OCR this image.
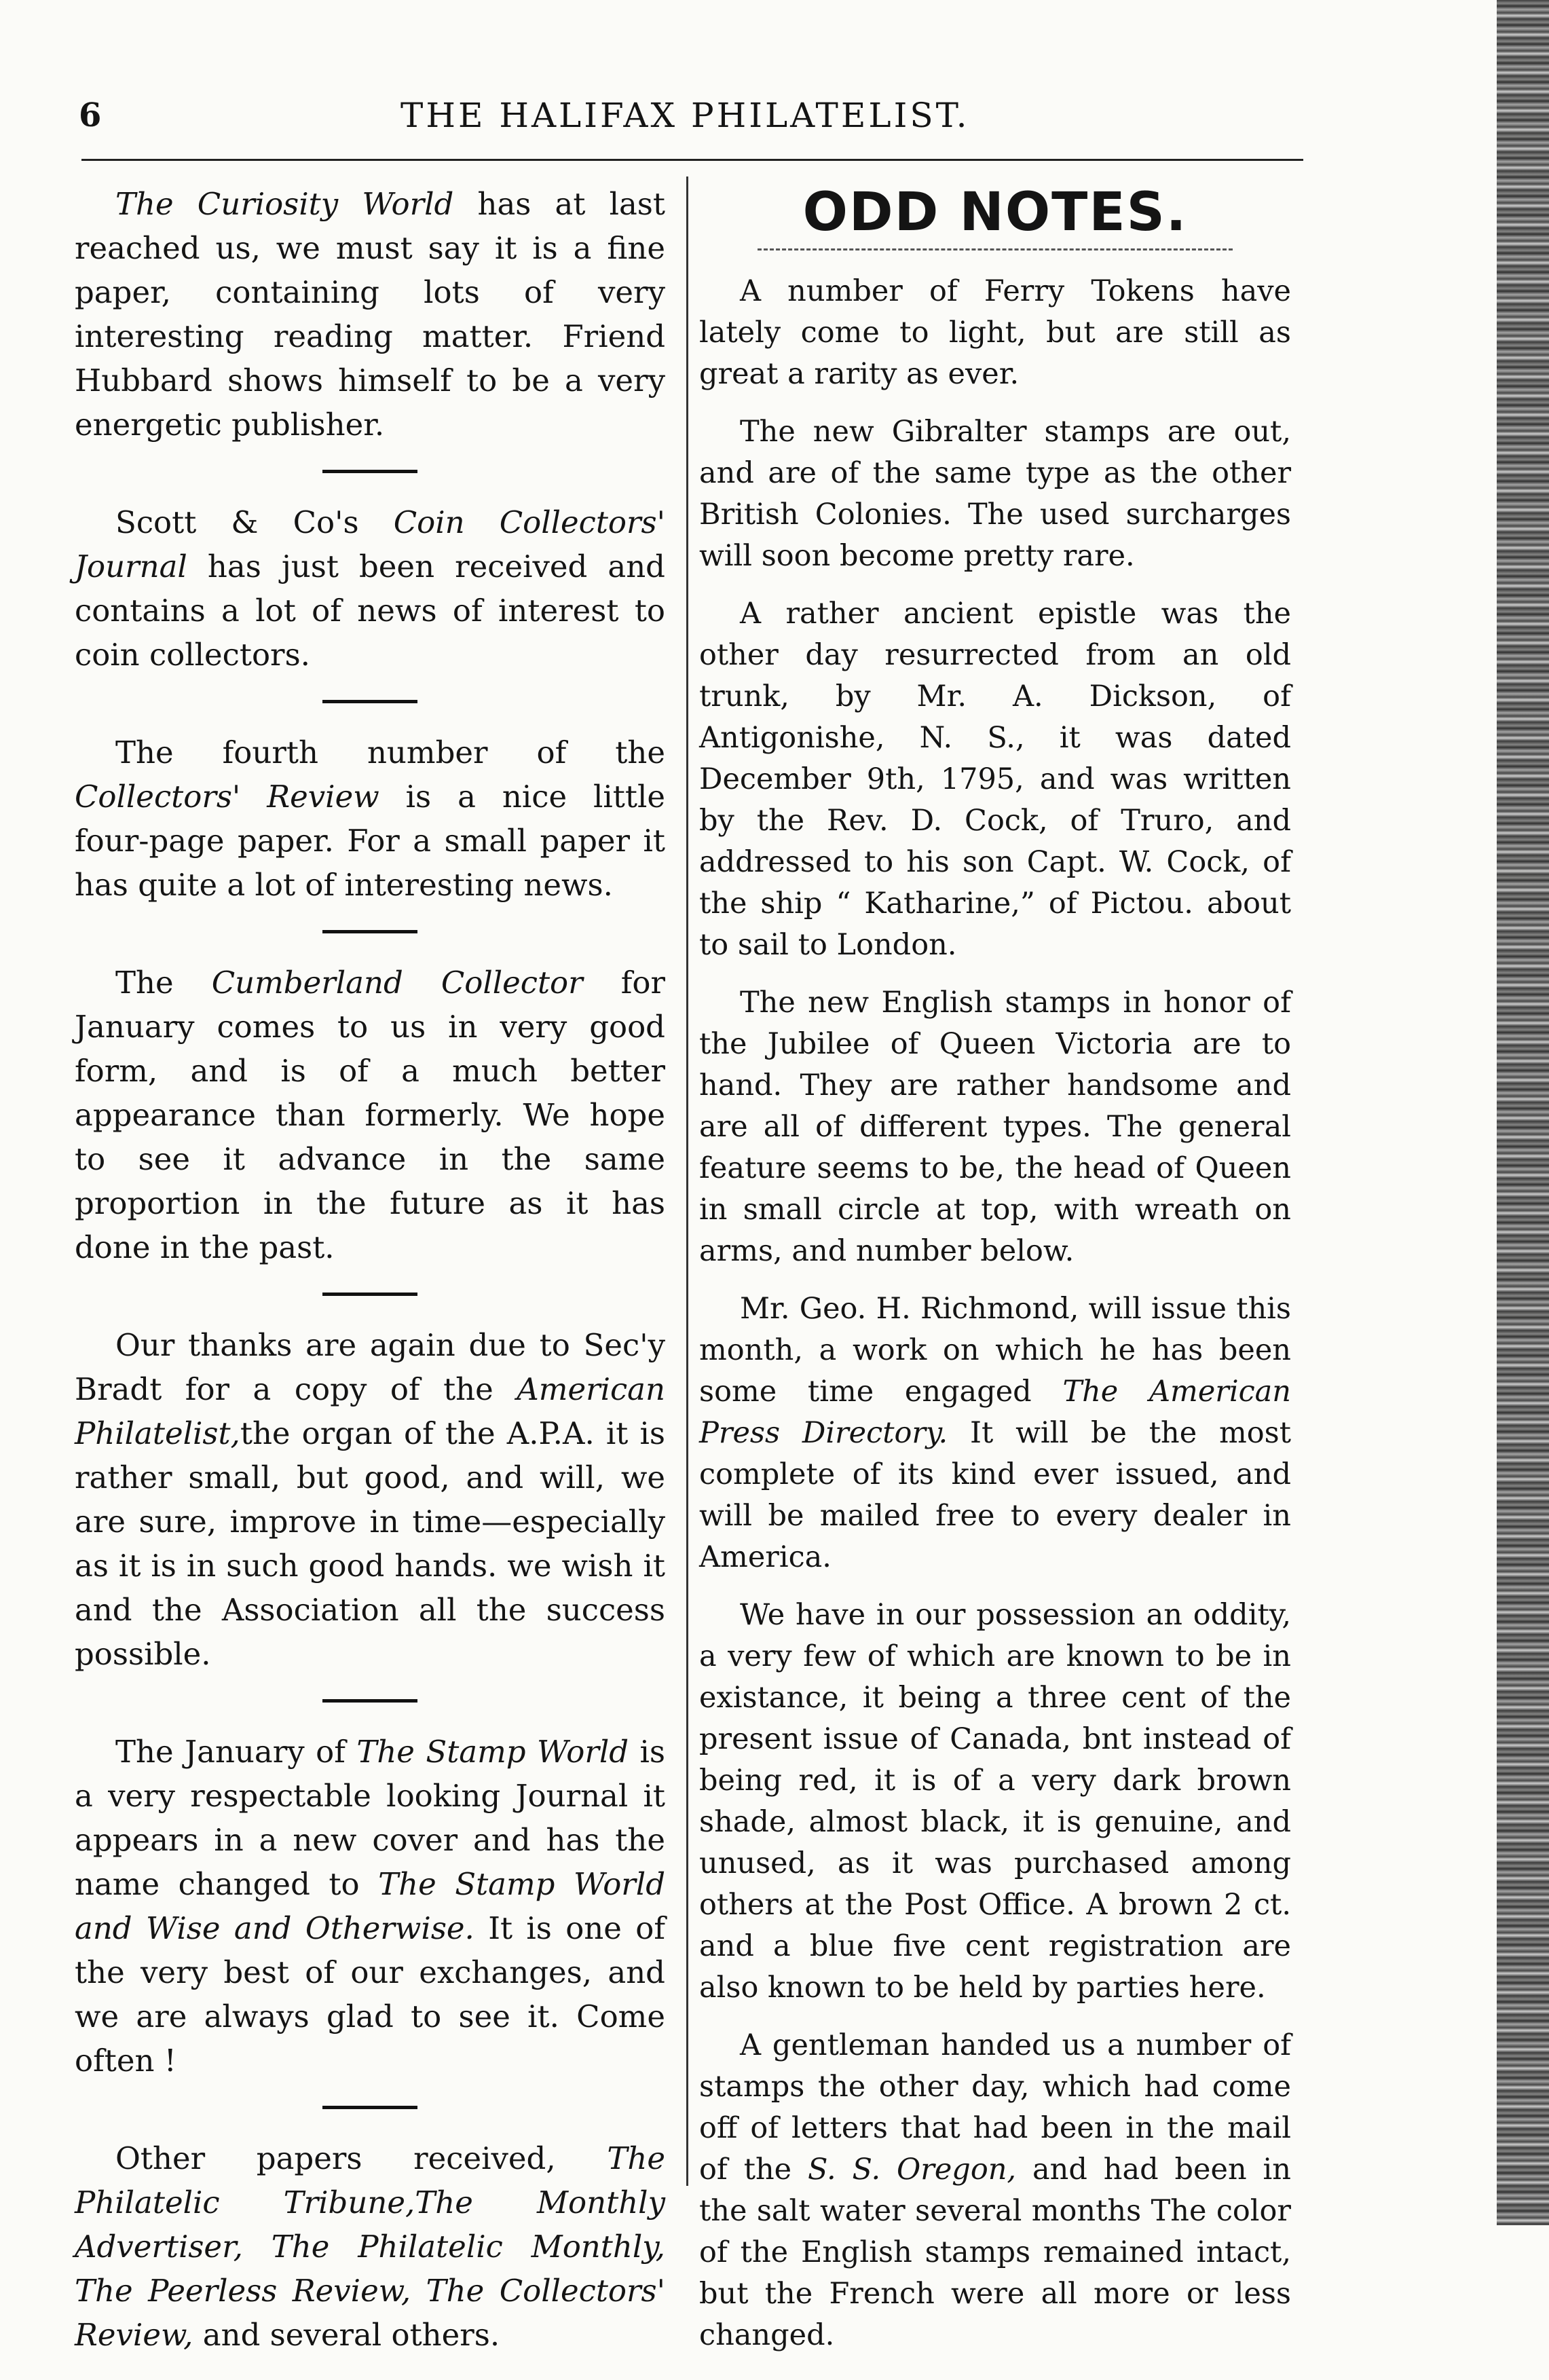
6	THE HALIFAX PHILATELIST.

The Curiosity World has at last reached us, we must say it is a fine paper, containing lots of very interesting reading matter. Friend Hubbard shows himself to be a very energetic publisher.

Scott & Co's Coin Collectors' Journal has just been received and contains a lot of news of interest to coin collectors.

The fourth number of the Collectors' Review is a nice little four-page paper. For a small paper it has quite a lot of interesting news.

The Cumberland Collector for January comes to us in very good form, and is of a much better appearance than formerly. We hope to see it advance in the same proportion in the future as it has done in the past.

Our thanks are again due to Sec'y Bradt for a copy of the American Philatelist,the organ of the A.P.A. it is rather small, but good, and will, we are sure, improve in time—especially as it is in such good hands. we wish it and the Association all the success possible.

The January of The Stamp World is a very respectable looking Journal it appears in a new cover and has the name changed to The Stamp World and Wise and Otherwise. It is one of the very best of our exchanges, and we are always glad to see it. Come often !

Other papers received, The Philatelic Tribune,The Monthly Advertiser, The Philatelic Monthly, The Peerless Review, The Collectors' Review, and several others.

ODD NOTES.

A number of Ferry Tokens have lately come to light, but are still as great a rarity as ever.

The new Gibralter stamps are out, and are of the same type as the other British Colonies. The used surcharges will soon become pretty rare.

A rather ancient epistle was the other day resurrected from an old trunk, by Mr. A. Dickson, of Antigonishe, N. S., it was dated December 9th, 1795, and was written by the Rev. D. Cock, of Truro, and addressed to his son Capt. W. Cock, of the ship “ Katharine,” of Pictou. about to sail to London.

The new English stamps in honor of the Jubilee of Queen Victoria are to hand. They are rather handsome and are all of different types. The general feature seems to be, the head of Queen in small circle at top, with wreath on arms, and number below.

Mr. Geo. H. Richmond, will issue this month, a work on which he has been some time engaged The American Press Directory. It will be the most complete of its kind ever issued, and will be mailed free to every dealer in America.

We have in our possession an oddity, a very few of which are known to be in existance, it being a three cent of the present issue of Canada, bnt instead of being red, it is of a very dark brown shade, almost black, it is genuine, and unused, as it was purchased among others at the Post Office. A brown 2 ct. and a blue five cent registration are also known to be held by parties here.

A gentleman handed us a number of stamps the other day, which had come off of letters that had been in the mail of the S. S. Oregon, and had been in the salt water several months The color of the English stamps remained intact, but the French were all more or less changed.
